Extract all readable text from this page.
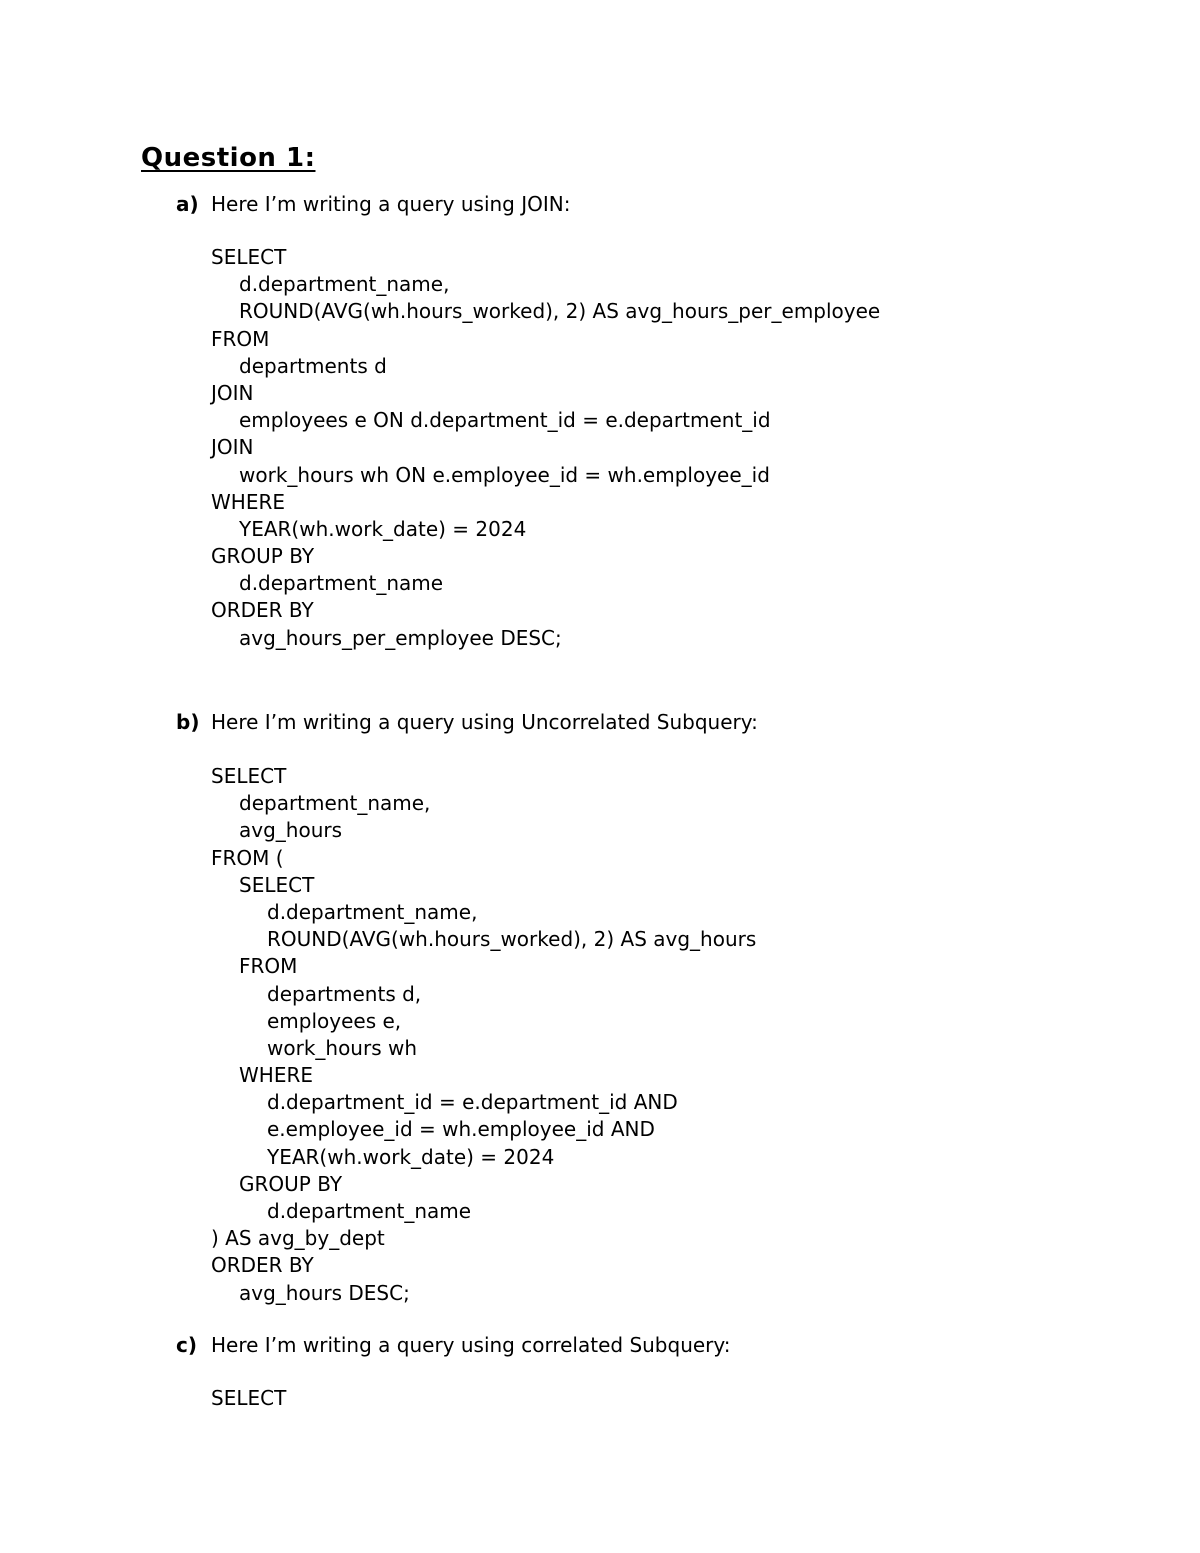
Question 1:
a) Here I’m writing a query using JOIN:
SELECT
d.department_name,
ROUND(AVG(wh.hours_worked), 2) AS avg_hours_per_employee
FROM
departments d
JOIN
employees e ON d.department_id = e.department_id
JOIN
work_hours wh ON e.employee_id = wh.employee_id
WHERE
YEAR(wh.work_date) = 2024
GROUP BY
d.department_name
ORDER BY
avg_hours_per_employee DESC;
b) Here I’m writing a query using Uncorrelated Subquery:
SELECT
department_name,
avg_hours
FROM (
SELECT
d.department_name,
ROUND(AVG(wh.hours_worked), 2) AS avg_hours
FROM
departments d,
employees e,
work_hours wh
WHERE
d.department_id = e.department_id AND
e.employee_id = wh.employee_id AND
YEAR(wh.work_date) = 2024
GROUP BY
d.department_name
) AS avg_by_dept
ORDER BY
avg_hours DESC;
c) Here I’m writing a query using correlated Subquery:
SELECT
